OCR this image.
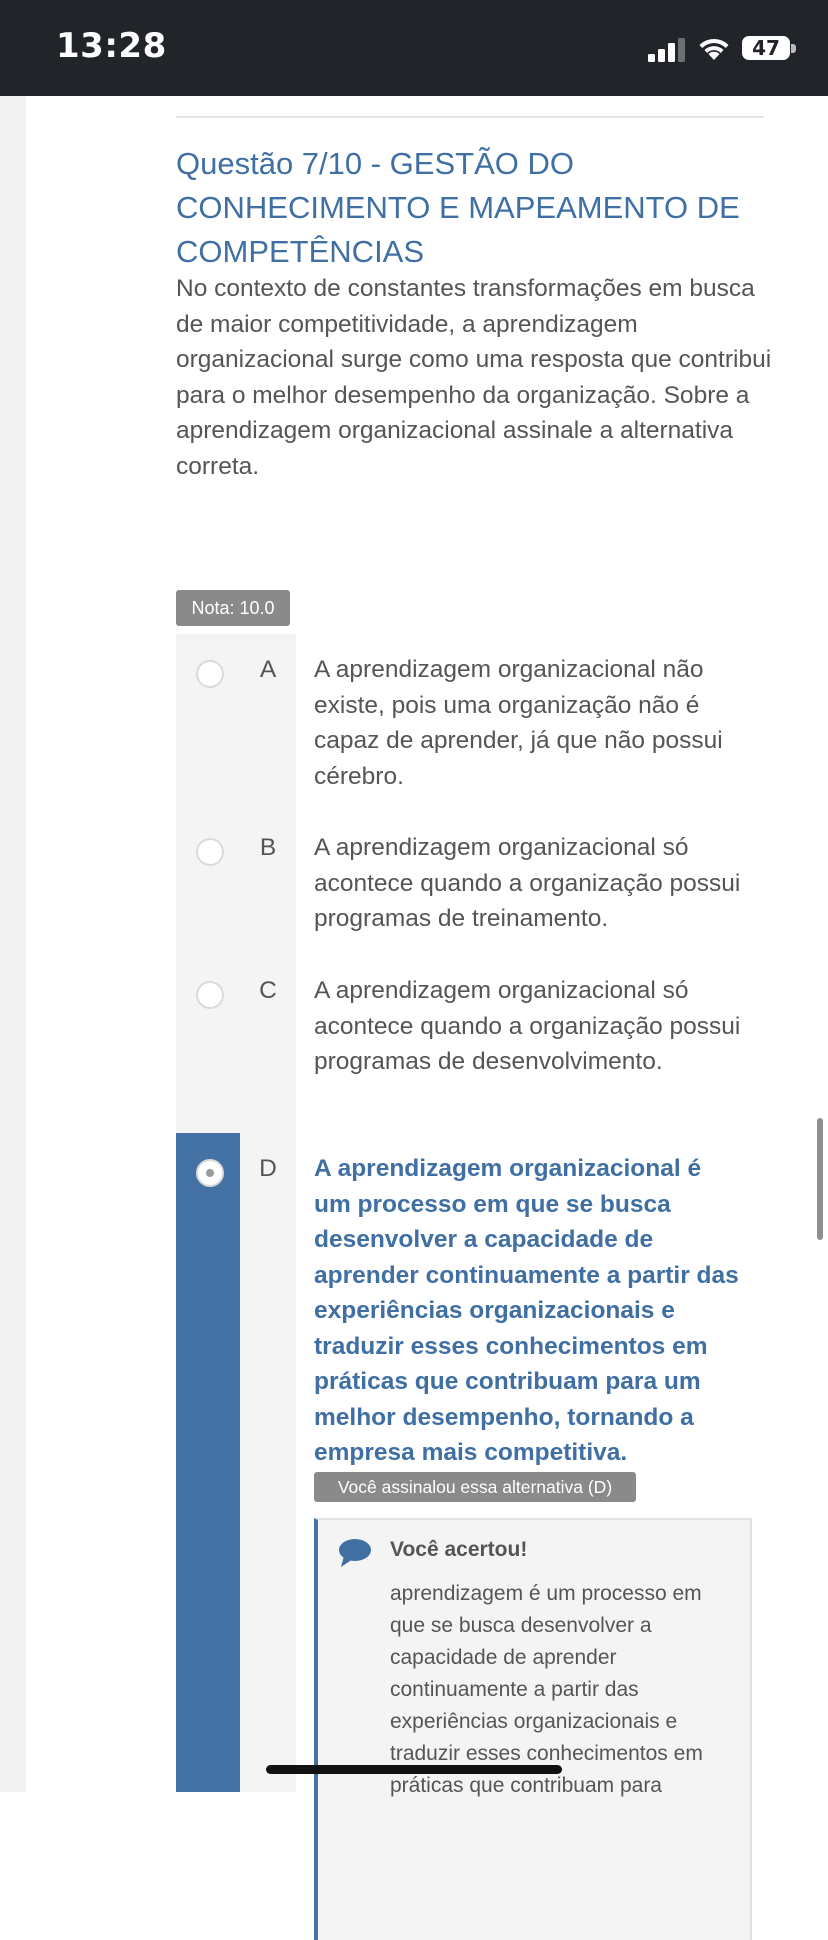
13:28	47
Questão 7/10 - GESTÃO DO CONHECIMENTO E MAPEAMENTO DE COMPETÊNCIAS

No contexto de constantes transformações em busca de maior competitividade, a aprendizagem organizacional surge como uma resposta que contribui para o melhor desempenho da organização. Sobre a aprendizagem organizacional assinale a alternativa correta.

Nota: 10.0
A	A aprendizagem organizacional não existe, pois uma organização não é capaz de aprender, já que não possui cérebro.

B	A aprendizagem organizacional só acontece quando a organização possui programas de treinamento.

C	A aprendizagem organizacional só acontece quando a organização possui programas de desenvolvimento.

D	A aprendizagem organizacional é um processo em que se busca desenvolver a capacidade de aprender continuamente a partir das experiências organizacionais e traduzir esses conhecimentos em práticas que contribuam para um melhor desempenho, tornando a empresa mais competitiva.

Você assinalou essa alternativa (D)
Você acertou!

aprendizagem é um processo em que se busca desenvolver a capacidade de aprender continuamente a partir das experiências organizacionais e traduzir esses conhecimentos em práticas que contribuam para
